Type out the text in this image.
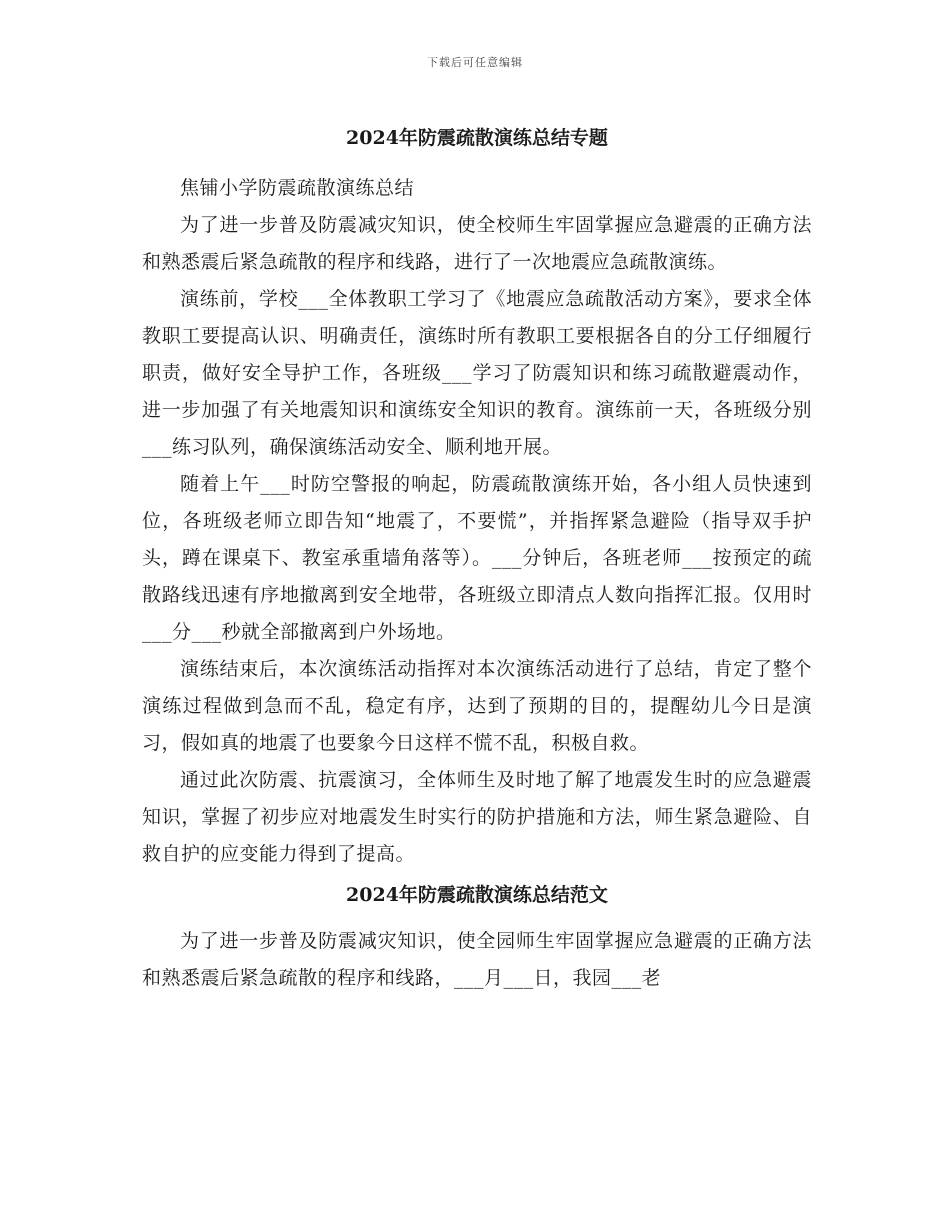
下载后可任意编辑
2024年防震疏散演练总结专题

焦铺小学防震疏散演练总结

为了进一步普及防震减灾知识，使全校师生牢固掌握应急避震的正确方法和熟悉震后紧急疏散的程序和线路，进行了一次地震应急疏散演练。

演练前，学校___全体教职工学习了《地震应急疏散活动方案》，要求全体教职工要提高认识、明确责任，演练时所有教职工要根据各自的分工仔细履行职责，做好安全导护工作，各班级___学习了防震知识和练习疏散避震动作，进一步加强了有关地震知识和演练安全知识的教育。演练前一天，各班级分别___练习队列，确保演练活动安全、顺利地开展。

随着上午___时防空警报的响起，防震疏散演练开始，各小组人员快速到位，各班级老师立即告知“地震了，不要慌”，并指挥紧急避险（指导双手护头，蹲在课桌下、教室承重墙角落等）。___分钟后，各班老师___按预定的疏散路线迅速有序地撤离到安全地带，各班级立即清点人数向指挥汇报。仅用时___分___秒就全部撤离到户外场地。

演练结束后，本次演练活动指挥对本次演练活动进行了总结，肯定了整个演练过程做到急而不乱，稳定有序，达到了预期的目的，提醒幼儿今日是演习，假如真的地震了也要象今日这样不慌不乱，积极自救。

通过此次防震、抗震演习，全体师生及时地了解了地震发生时的应急避震知识，掌握了初步应对地震发生时实行的防护措施和方法，师生紧急避险、自救自护的应变能力得到了提高。

2024年防震疏散演练总结范文

为了进一步普及防震减灾知识，使全园师生牢固掌握应急避震的正确方法和熟悉震后紧急疏散的程序和线路，___月___日，我园___老
